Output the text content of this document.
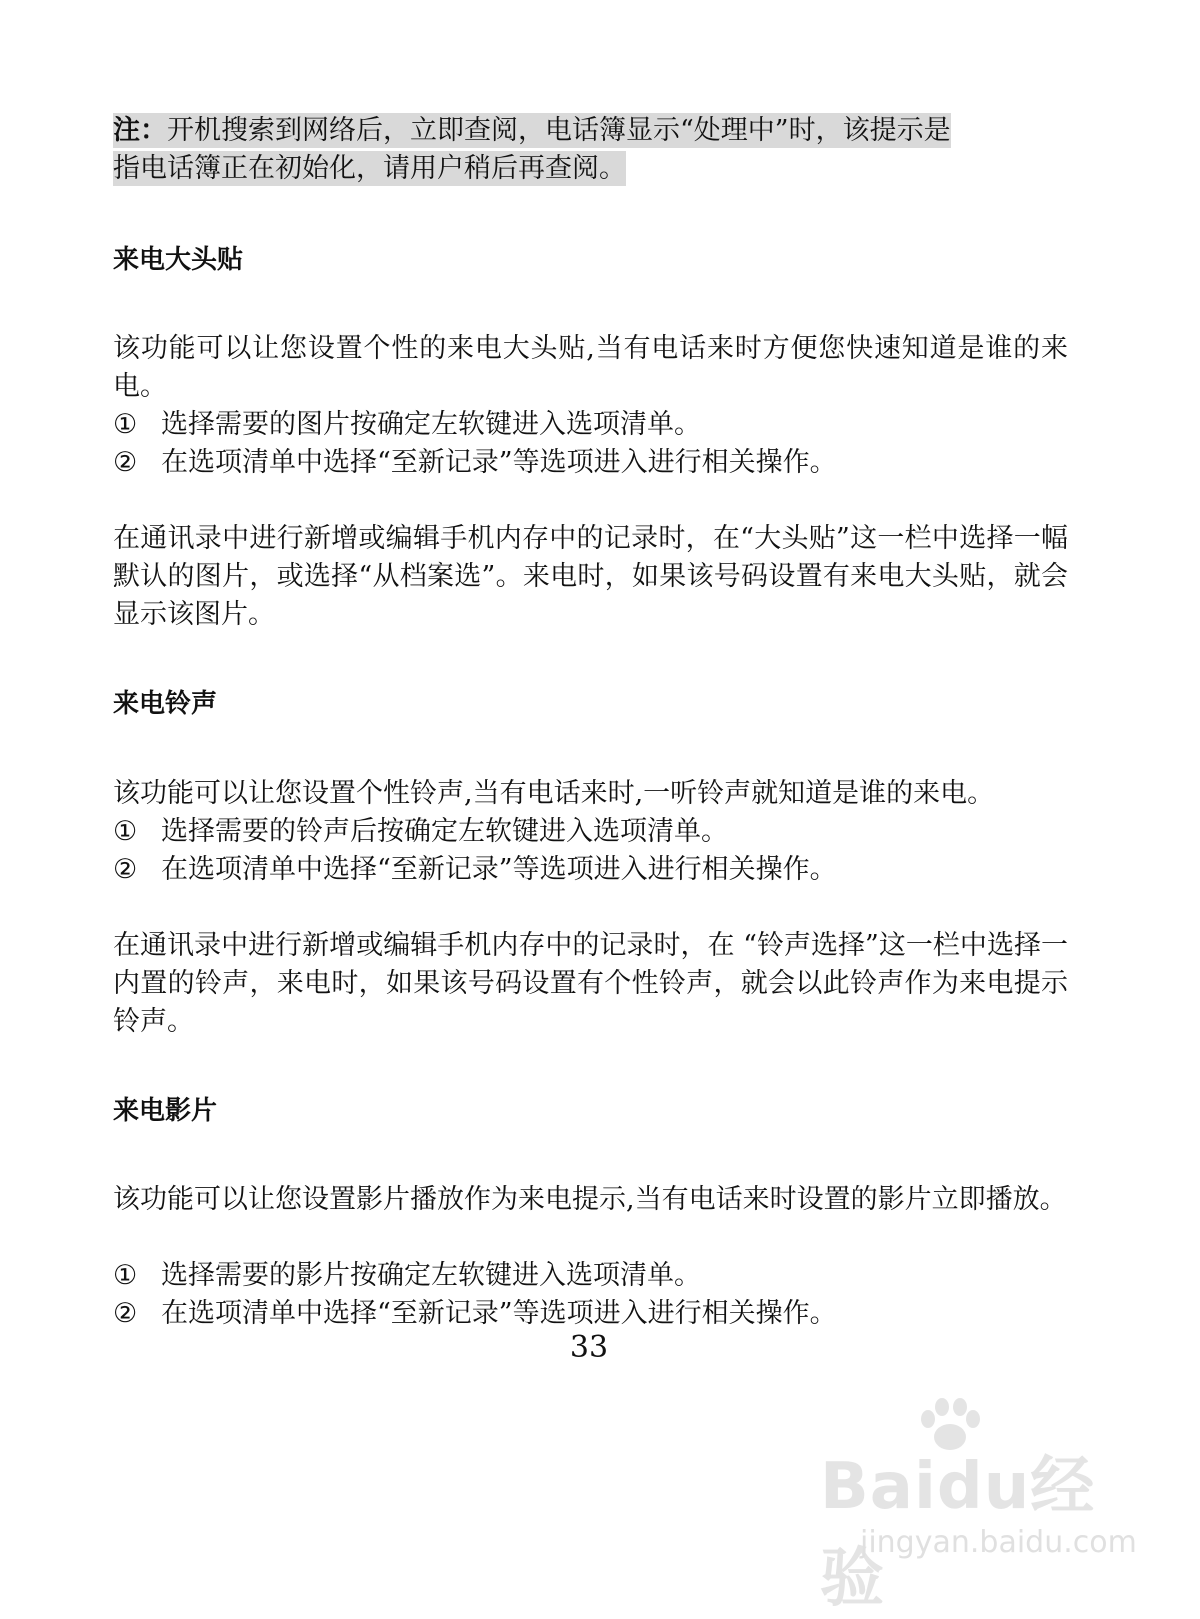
注：开机搜索到网络后，立即查阅，电话簿显示“处理中”时，该提示是
指电话簿正在初始化，请用户稍后再查阅。
来电大头贴
该功能可以让您设置个性的来电大头贴,当有电话来时方便您快速知道是谁的来电。
① 选择需要的图片按确定左软键进入选项清单。
② 在选项清单中选择“至新记录”等选项进入进行相关操作。
在通讯录中进行新增或编辑手机内存中的记录时，在“大头贴”这一栏中选择一幅默认的图片，或选择“从档案选”。来电时，如果该号码设置有来电大头贴，就会显示该图片。
来电铃声
该功能可以让您设置个性铃声,当有电话来时,一听铃声就知道是谁的来电。
① 选择需要的铃声后按确定左软键进入选项清单。
② 在选项清单中选择“至新记录”等选项进入进行相关操作。
在通讯录中进行新增或编辑手机内存中的记录时，在 “铃声选择”这一栏中选择一内置的铃声，来电时，如果该号码设置有个性铃声，就会以此铃声作为来电提示铃声。
来电影片
该功能可以让您设置影片播放作为来电提示,当有电话来时设置的影片立即播放。
① 选择需要的影片按确定左软键进入选项清单。
② 在选项清单中选择“至新记录”等选项进入进行相关操作。
33
Baidu经验
jingyan.baidu.com
